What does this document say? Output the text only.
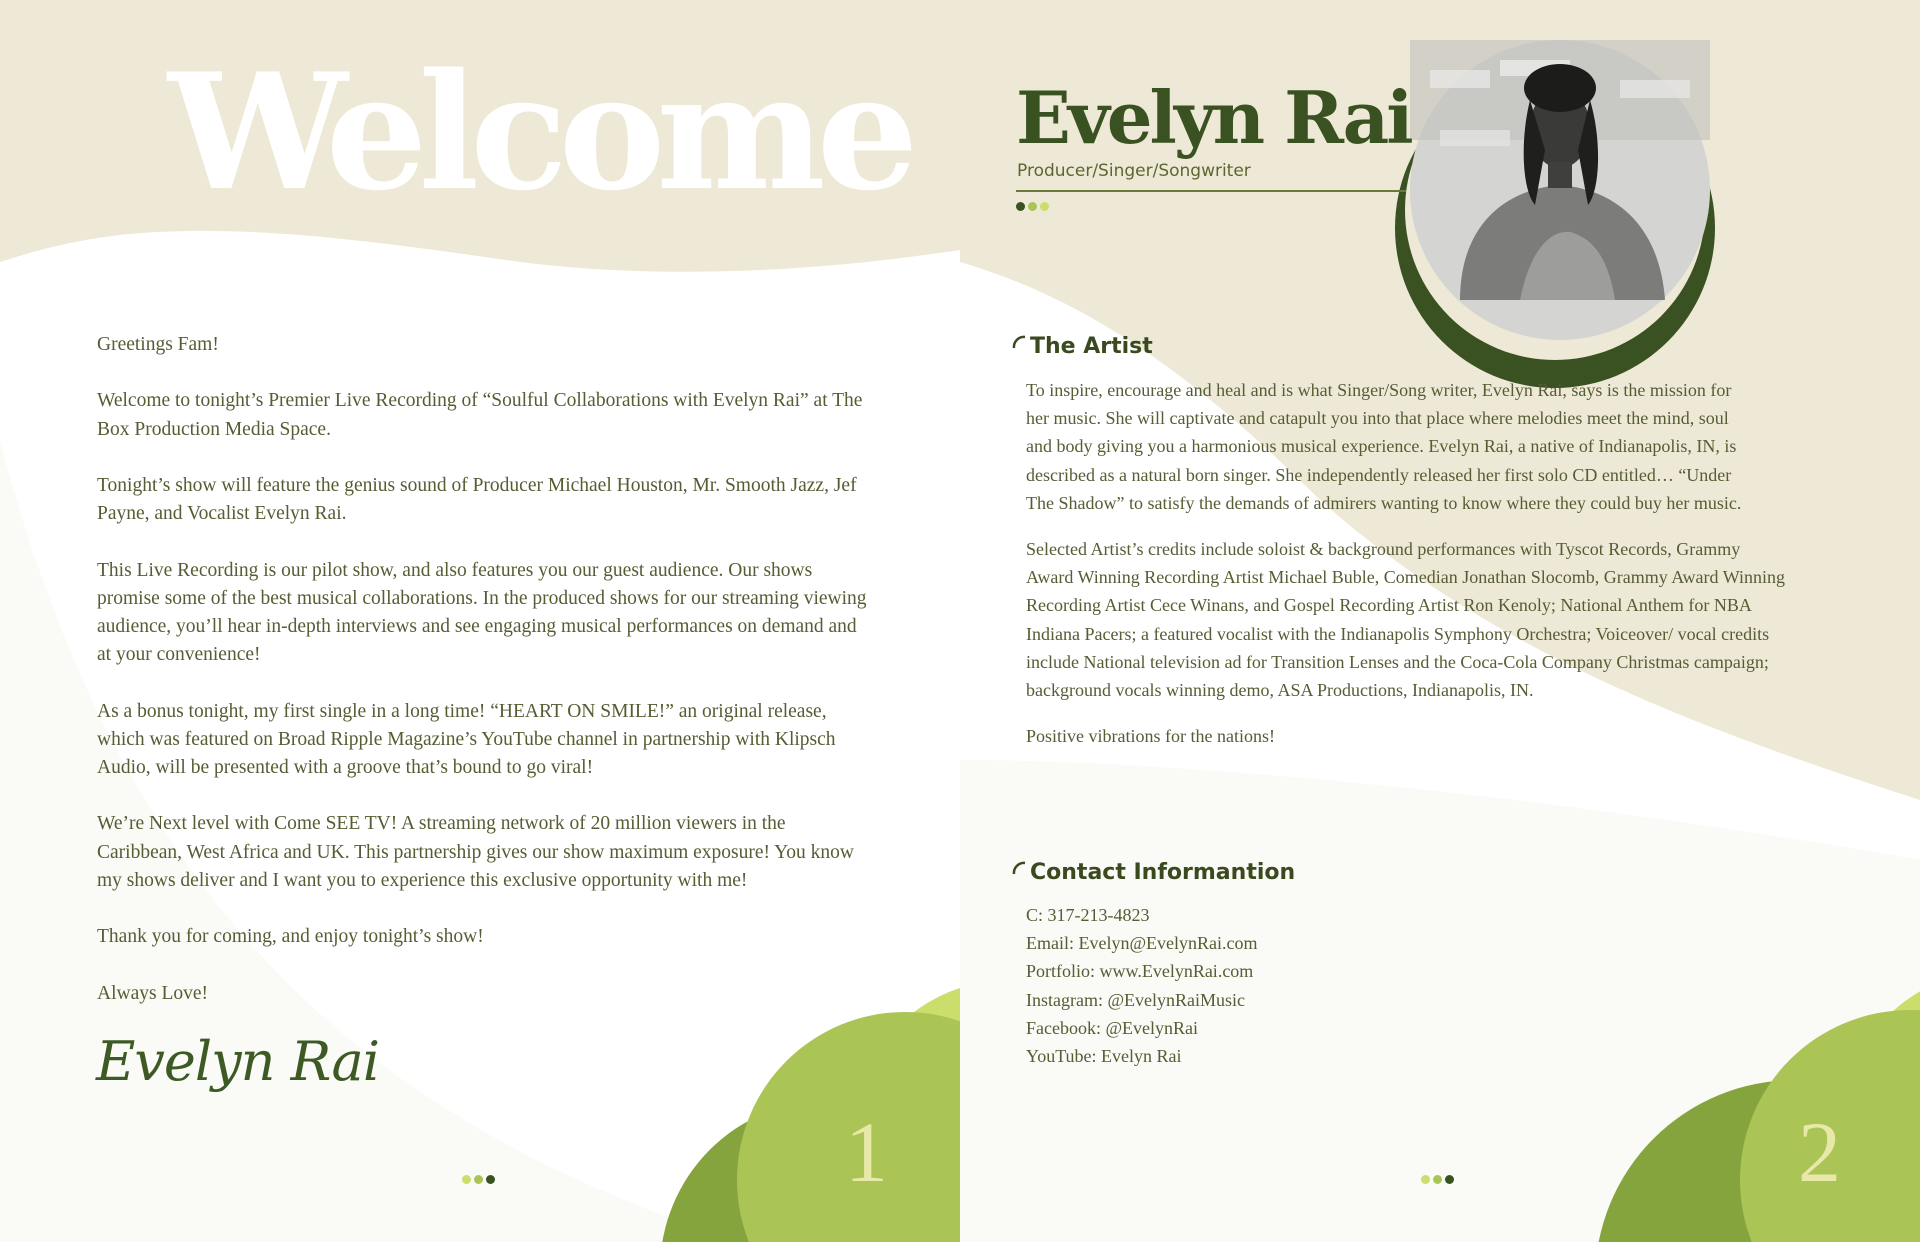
Welcome

Greetings Fam!

Welcome to tonight’s Premier Live Recording of “Soulful Collaborations with Evelyn Rai” at The Box Production Media Space.

Tonight’s show will feature the genius sound of Producer Michael Houston, Mr. Smooth Jazz, Jef Payne, and Vocalist Evelyn Rai.

This Live Recording is our pilot show, and also features you our guest audience. Our shows promise some of the best musical collaborations. In the produced shows for our streaming viewing audience, you’ll hear in-depth interviews and see engaging musical performances on demand and at your convenience!

As a bonus tonight, my first single in a long time! “HEART ON SMILE!” an original release, which was featured on Broad Ripple Magazine’s YouTube channel in partnership with Klipsch Audio, will be presented with a groove that’s bound to go viral!

We’re Next level with Come SEE TV! A streaming network of 20 million viewers in the Caribbean, West Africa and UK. This partnership gives our show maximum exposure! You know my shows deliver and I want you to experience this exclusive opportunity with me!

Thank you for coming, and enjoy tonight’s show!

Always Love!

Evelyn Rai
1
Evelyn Rai
Producer/Singer/Songwriter
The Artist

To inspire, encourage and heal and is what Singer/Song writer, Evelyn Rai, says is the mission for her music. She will captivate and catapult you into that place where melodies meet the mind, soul and body giving you a harmonious musical experience. Evelyn Rai, a native of Indianapolis, IN, is described as a natural born singer. She independently released her first solo CD entitled… “Under The Shadow” to satisfy the demands of admirers wanting to know where they could buy her music.

Selected Artist’s credits include soloist & background performances with Tyscot Records, Grammy Award Winning Recording Artist Michael Buble, Comedian Jonathan Slocomb, Grammy Award Winning Recording Artist Cece Winans, and Gospel Recording Artist Ron Kenoly; National Anthem for NBA Indiana Pacers; a featured vocalist with the Indianapolis Symphony Orchestra; Voiceover/ vocal credits include National television ad for Transition Lenses and the Coca-Cola Company Christmas campaign; background vocals winning demo, ASA Productions, Indianapolis, IN.

Positive vibrations for the nations!

Contact Informantion
C: 317-213-4823
Email: Evelyn@EvelynRai.com
Portfolio: www.EvelynRai.com
Instagram: @EvelynRaiMusic
Facebook: @EvelynRai
YouTube: Evelyn Rai
2
